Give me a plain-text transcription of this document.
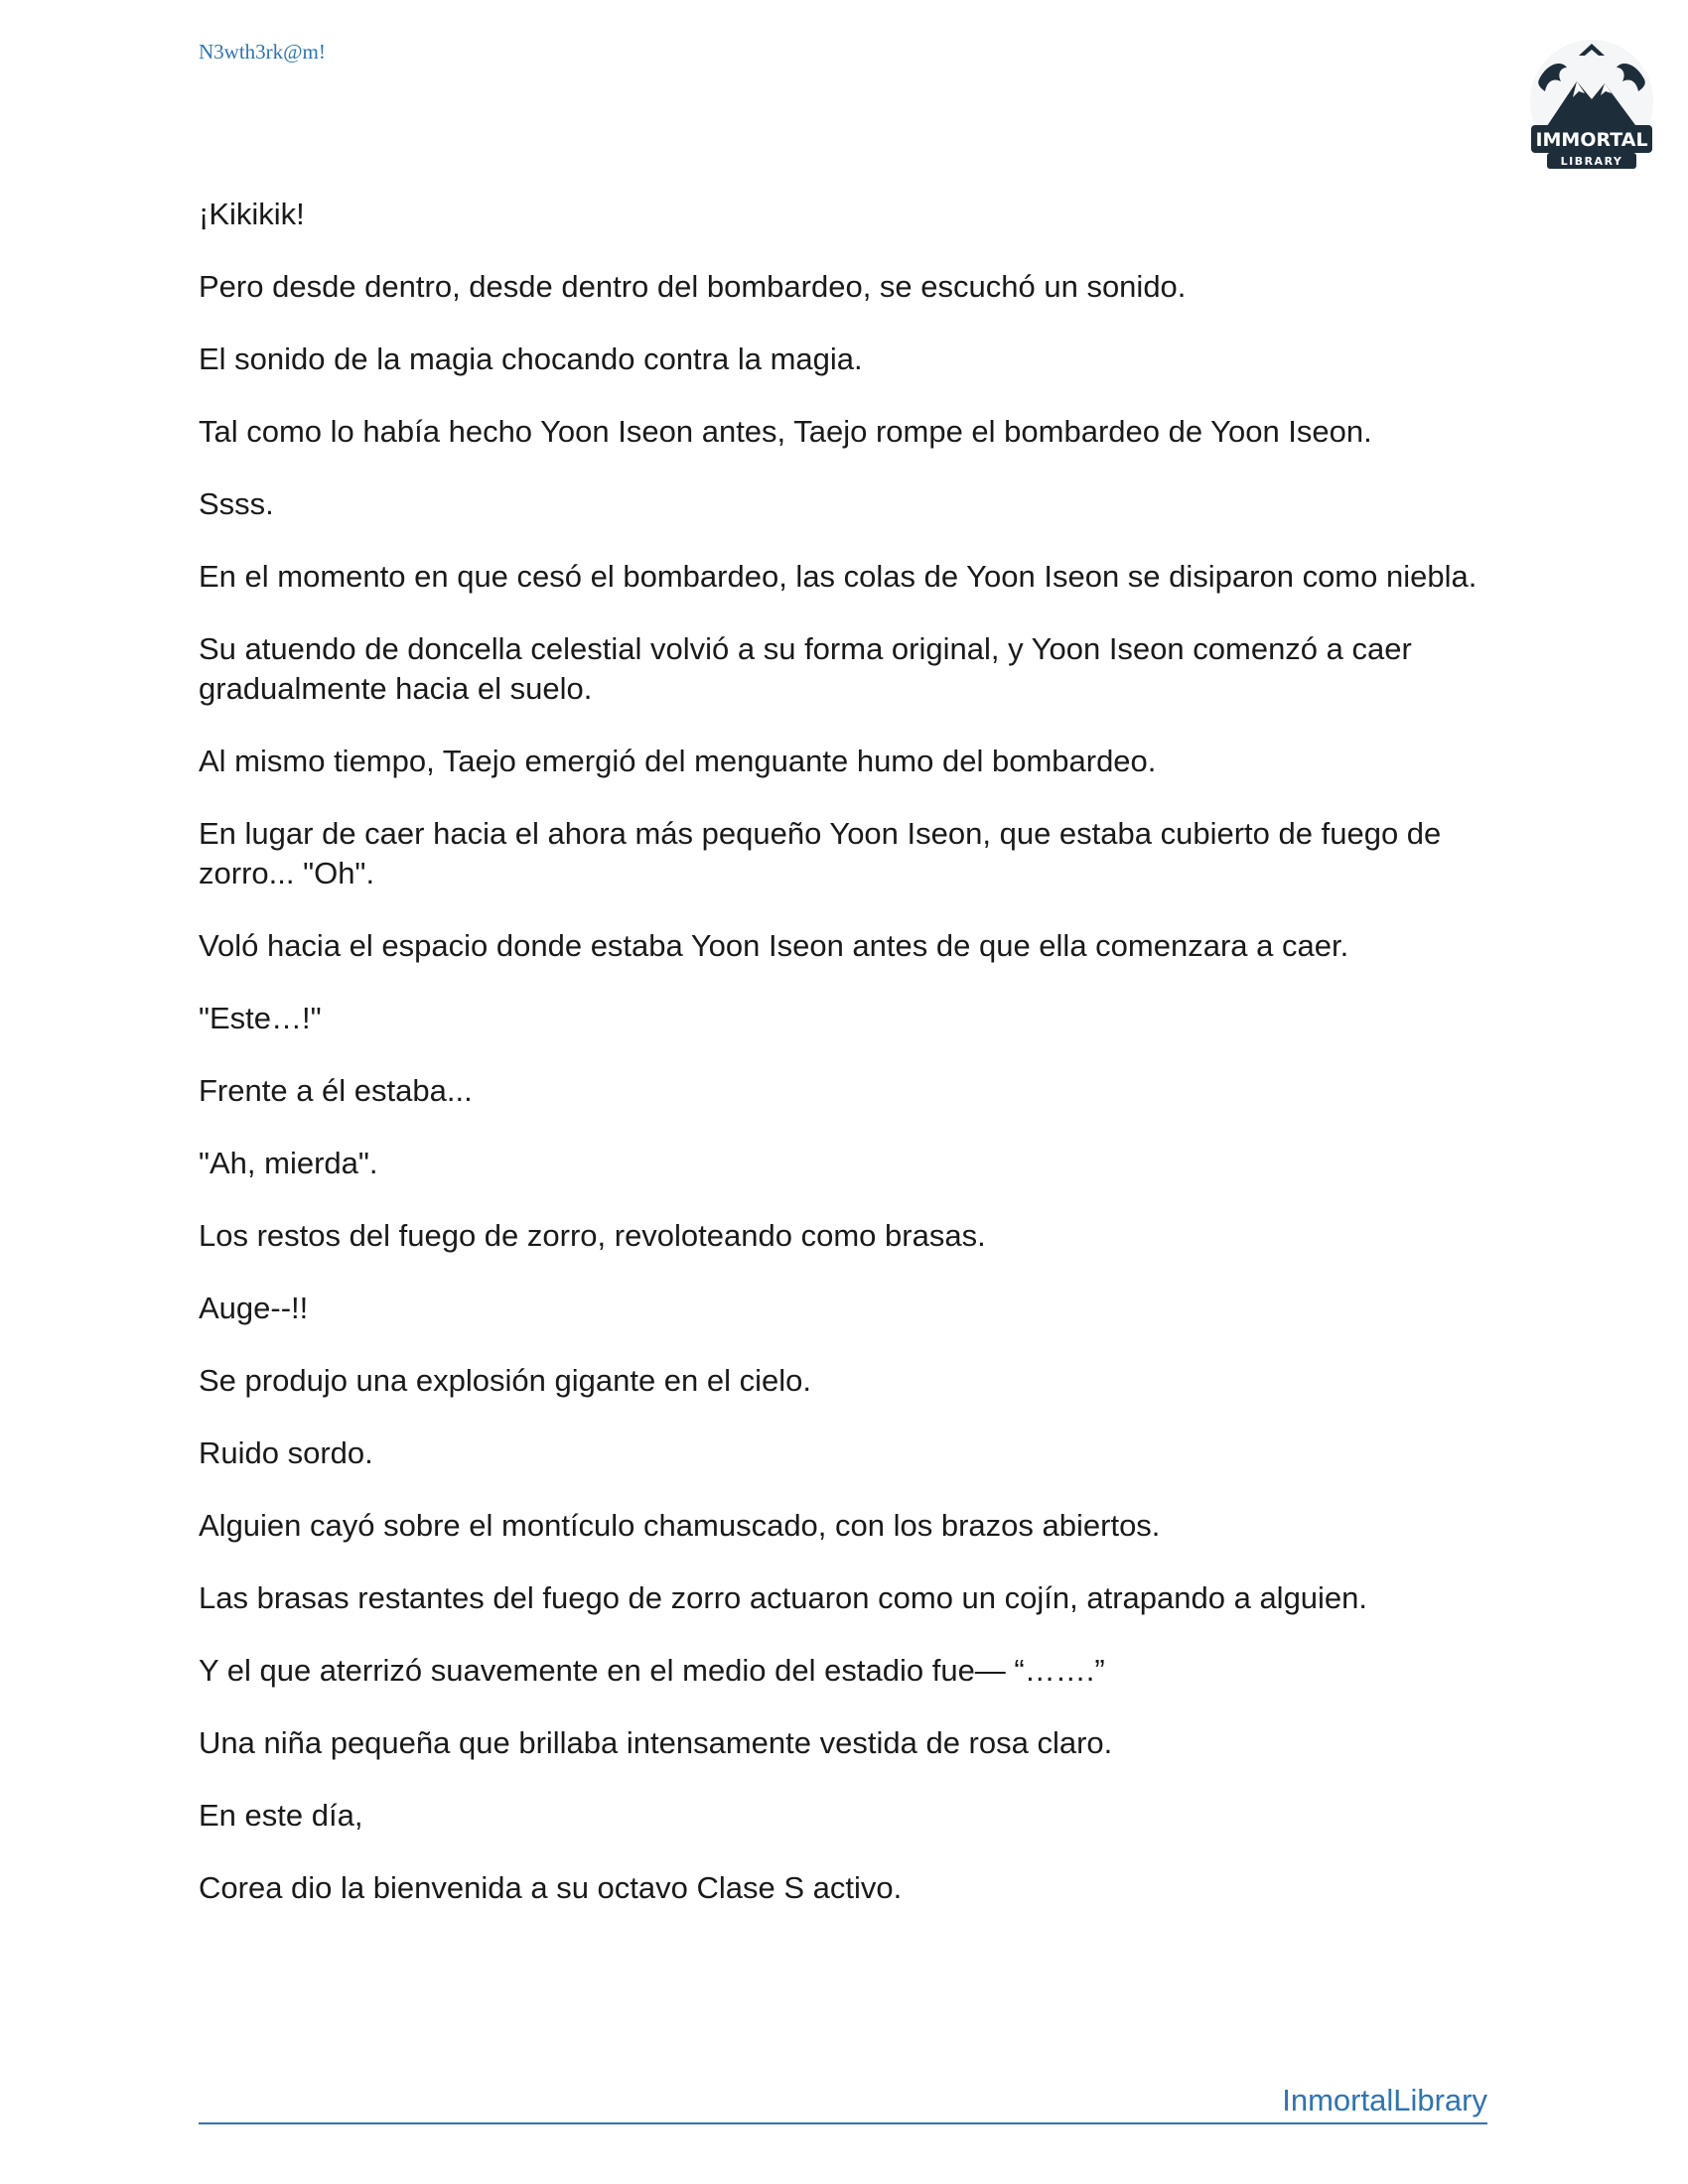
N3wth3rk@m!
IMMORTAL
LIBRARY

¡Kikikik!

Pero desde dentro, desde dentro del bombardeo, se escuchó un sonido.

El sonido de la magia chocando contra la magia.

Tal como lo había hecho Yoon Iseon antes, Taejo rompe el bombardeo de Yoon Iseon.

Ssss.

En el momento en que cesó el bombardeo, las colas de Yoon Iseon se disiparon como niebla.

Su atuendo de doncella celestial volvió a su forma original, y Yoon Iseon comenzó a caer gradualmente hacia el suelo.

Al mismo tiempo, Taejo emergió del menguante humo del bombardeo.

En lugar de caer hacia el ahora más pequeño Yoon Iseon, que estaba cubierto de fuego de zorro... "Oh".

Voló hacia el espacio donde estaba Yoon Iseon antes de que ella comenzara a caer.

"Este…!"

Frente a él estaba...

"Ah, mierda".

Los restos del fuego de zorro, revoloteando como brasas.

Auge--!!

Se produjo una explosión gigante en el cielo.

Ruido sordo.

Alguien cayó sobre el montículo chamuscado, con los brazos abiertos.

Las brasas restantes del fuego de zorro actuaron como un cojín, atrapando a alguien.

Y el que aterrizó suavemente en el medio del estadio fue— “…….”

Una niña pequeña que brillaba intensamente vestida de rosa claro.

En este día,

Corea dio la bienvenida a su octavo Clase S activo.

InmortalLibrary
